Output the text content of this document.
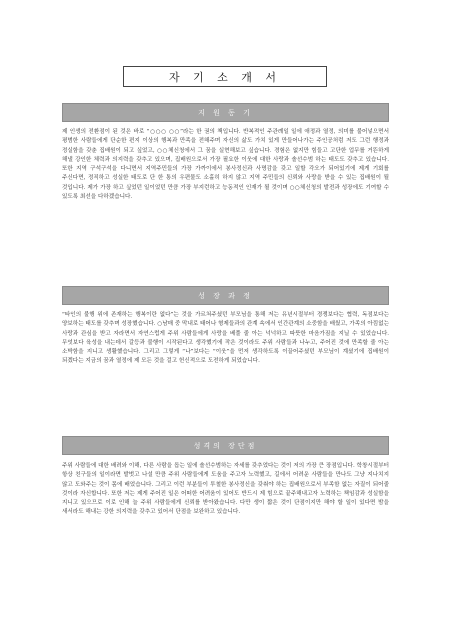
자 기 소 개 서
지 원 동 기

제 인생의 전환점이 된 것은 바로 “○○○ ○○”라는 한 권의 책입니다. 반복적인 주관례일 일에 애정과 열정, 의미를 불어넣으면서 평범한 사람들에게 단순한 편지 이상의 행복과 만족을 전해주며 자신의 삶도 가치 있게 만들어나가는 주인공처럼 저도 그런 행정과 정실함을 갖춘 집배원이 되고 싶었고, ○○체신청에서 그 꿈을 실현해보고 싶습니다. 경험은 없지만 힘들고 고단한 업무를 거뜬하게 해낼 강인한 체력과 의지력을 갖추고 있으며, 집배원으로서 가장 필요한 이웃에 대한 사랑과 솔선수범 하는 태도도 갖추고 있습니다. 또한 지역 구석구석을 다니면서 지역주민들의 가장 가까이에서 봉사정신과 사명감을 갖고 일할 각오가 되어있기에 제게 기회를 주신다면, 정직하고 성실한 태도로 단 한 통의 우편물도 소홀히 하지 않고 지역 주민들의 신뢰와 사랑을 받을 수 있는 집배원이 될 것입니다. 제가 가장 하고 싶었던 일이었던 만큼 가장 부지런하고 능동적인 인재가 될 것이며 ○○체신청의 발전과 성장에도 기여할 수 있도록 최선을 다하겠습니다.

성 장 과 정

“타인의 불행 위에 존재하는 행복이란 없다”는 것을 가르쳐주셨던 부모님을 통해 저는 유년시절부터 경쟁보다는 협력, 독점보다는 양보하는 태도를 갖추며 성장했습니다. ○남매 중 막내로 태어나 형제들과의 관계 속에서 인간관계의 소중함을 배웠고, 가족의 아낌없는 사랑과 관심을 받고 자라면서 자연스럽게 주위 사람들에게 사랑을 베풀 줄 아는 넉넉하고 따뜻한 마음가짐을 지닐 수 있었습니다. 무엇보다 육성을 내는데서 갈등과 불행이 시작된다고 생각했기에 작은 것이라도 주위 사람들과 나누고, 주어진 것에 만족할 줄 아는 소박함을 지니고 생활했습니다. 그리고 그렇게 “나”보다는 “이웃”을 먼저 생각하도록 이끌어주셨던 부모님이 계셨기에 집배원이 되겠다는 지금의 꿈과 열정에 제 모든 것을 걸고 헌신적으로 도전하게 되었습니다.

성격의 장단점

주위 사람들에 대한 배려와 이해, 다른 사람을 돕는 일에 솔선수범하는 자세를 갖추었다는 것이 저의 가장 큰 장점입니다. 학창시절부터 항상 친구들의 일이라면 발벗고 나설 만큼 주위 사람들에게 도움을 주고자 노력했고, 길에서 어려운 사람들을 만나도 그냥 지나치지 않고 도와주는 것이 몸에 배었습니다. 그리고 이런 부분들이 투철한 봉사정신을 갖춰야 하는 집배원으로서 부족함 없는 자질이 되어줄 것이라 자신합니다. 또한 저는 제게 주어진 일은 어떠한 어려움이 있어도 반드시 제 힘으로 끝주해내고자 노력하는 책임감과 성실함을 지니고 있으므로 이로 인해 늘 주위 사람들에게 신뢰를 받아왔습니다. 다만 생이 짧은 것이 단점이지만 해야 할 일이 있다면 밤을 새서라도 해내는 강한 의지력을 갖추고 있어서 단점을 보완하고 있습니다.
